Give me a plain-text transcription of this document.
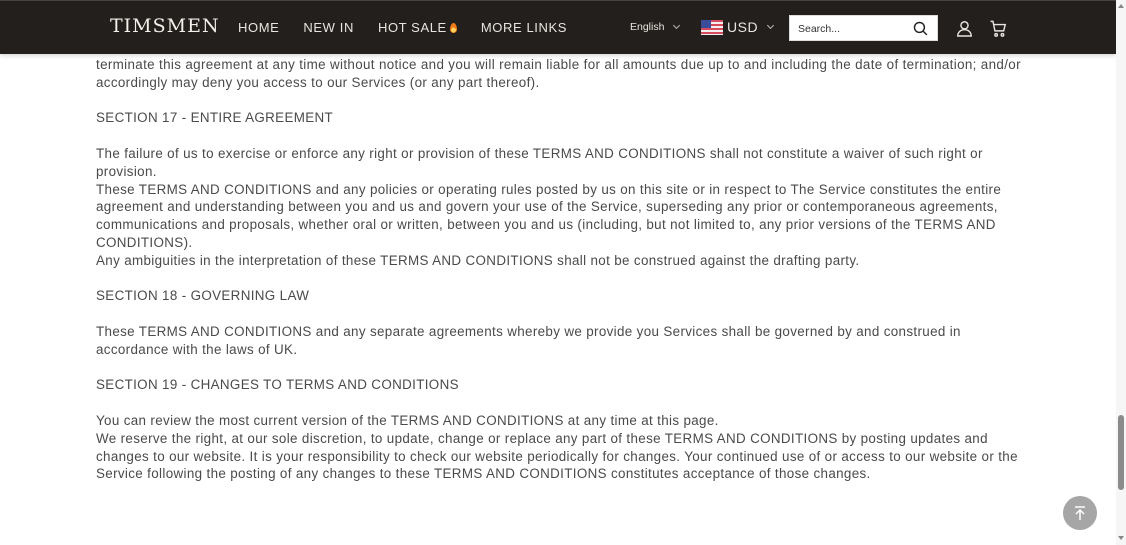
terminate this agreement at any time without notice and you will remain liable for all amounts due up to and including the date of termination; and/or

accordingly may deny you access to our Services (or any part thereof).

SECTION 17 - ENTIRE AGREEMENT

The failure of us to exercise or enforce any right or provision of these TERMS AND CONDITIONS shall not constitute a waiver of such right or provision.

These TERMS AND CONDITIONS and any policies or operating rules posted by us on this site or in respect to The Service constitutes the entire agreement and understanding between you and us and govern your use of the Service, superseding any prior or contemporaneous agreements, communications and proposals, whether oral or written, between you and us (including, but not limited to, any prior versions of the TERMS AND CONDITIONS).

Any ambiguities in the interpretation of these TERMS AND CONDITIONS shall not be construed against the drafting party.

SECTION 18 - GOVERNING LAW

These TERMS AND CONDITIONS and any separate agreements whereby we provide you Services shall be governed by and construed in accordance with the laws of UK.

SECTION 19 - CHANGES TO TERMS AND CONDITIONS

You can review the most current version of the TERMS AND CONDITIONS at any time at this page.

We reserve the right, at our sole discretion, to update, change or replace any part of these TERMS AND CONDITIONS by posting updates and changes to our website. It is your responsibility to check our website periodically for changes. Your continued use of or access to our website or the Service following the posting of any changes to these TERMS AND CONDITIONS constitutes acceptance of those changes.

TIMSMEN HOME NEW IN HOT SALE	MORE LINKS	English	USD
Search...
